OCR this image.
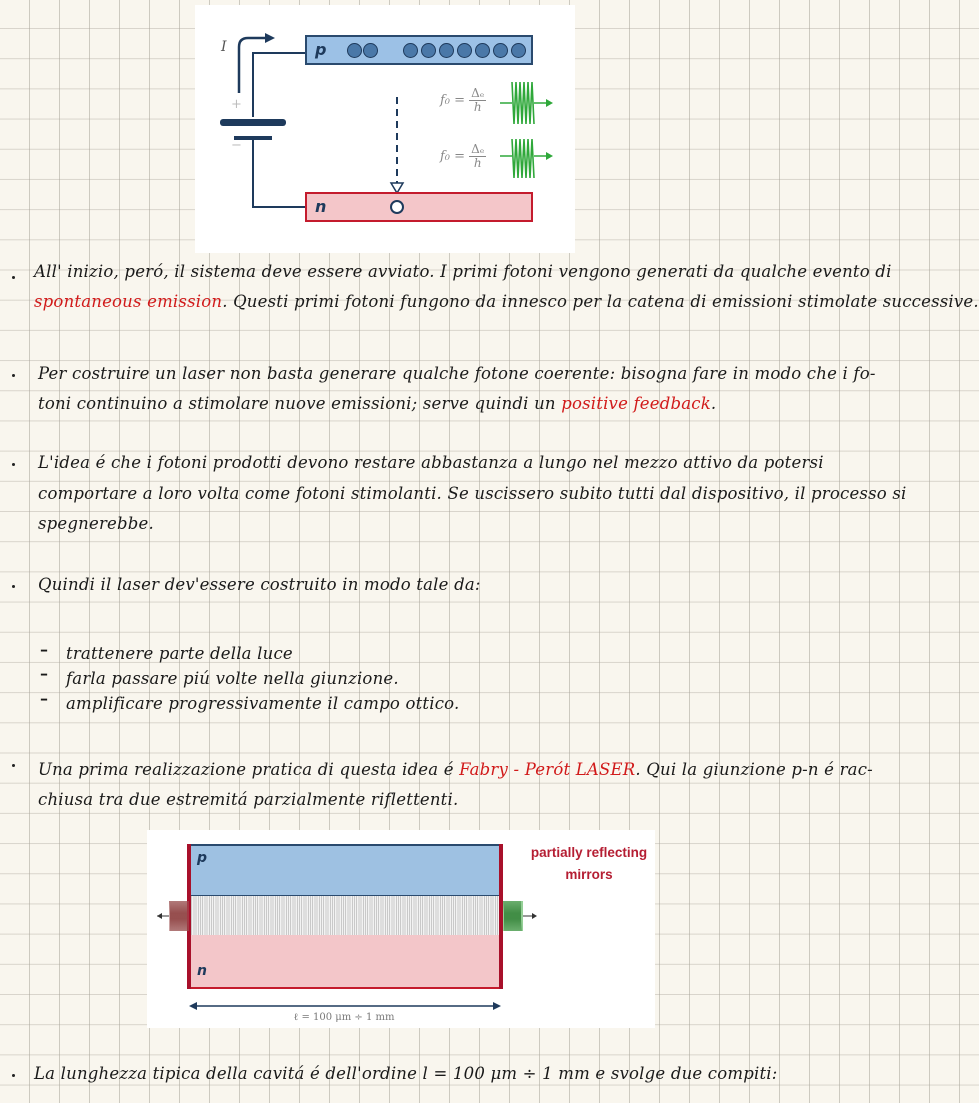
I
+
−
p
n
$f_0 = \frac{\text{Δₑ}}{h}$
$f_0 = \frac{\text{Δₑ}}{h}$
All' inizio, peró, il sistema deve essere avviato. I primi fotoni vengono generati da qualche evento di
spontaneous emission. Questi primi fotoni fungono da innesco per la catena di emissioni stimolate successive.
Per costruire un laser non basta generare qualche fotone coerente: bisogna fare in modo che i fo-
toni continuino a stimolare nuove emissioni; serve quindi un positive feedback.
L'idea é che i fotoni prodotti devono restare abbastanza a lungo nel mezzo attivo da potersi
comportare a loro volta come fotoni stimolanti. Se uscissero subito tutti dal dispositivo, il processo si
spegnerebbe.
Quindi il laser dev'essere costruito in modo tale da:
– trattenere parte della luce
– farla passare piú volte nella giunzione.
– amplificare progressivamente il campo ottico.
Una prima realizzazione pratica di questa idea é Fabry - Perót LASER. Qui la giunzione p-n é rac-
chiusa tra due estremitá parzialmente riflettenti.
p
n
partially reflecting
mirrors
ℓ = 100 μm ÷ 1 mm
La lunghezza tipica della cavitá é dell'ordine l = 100 μm ÷ 1 mm e svolge due compiti:
